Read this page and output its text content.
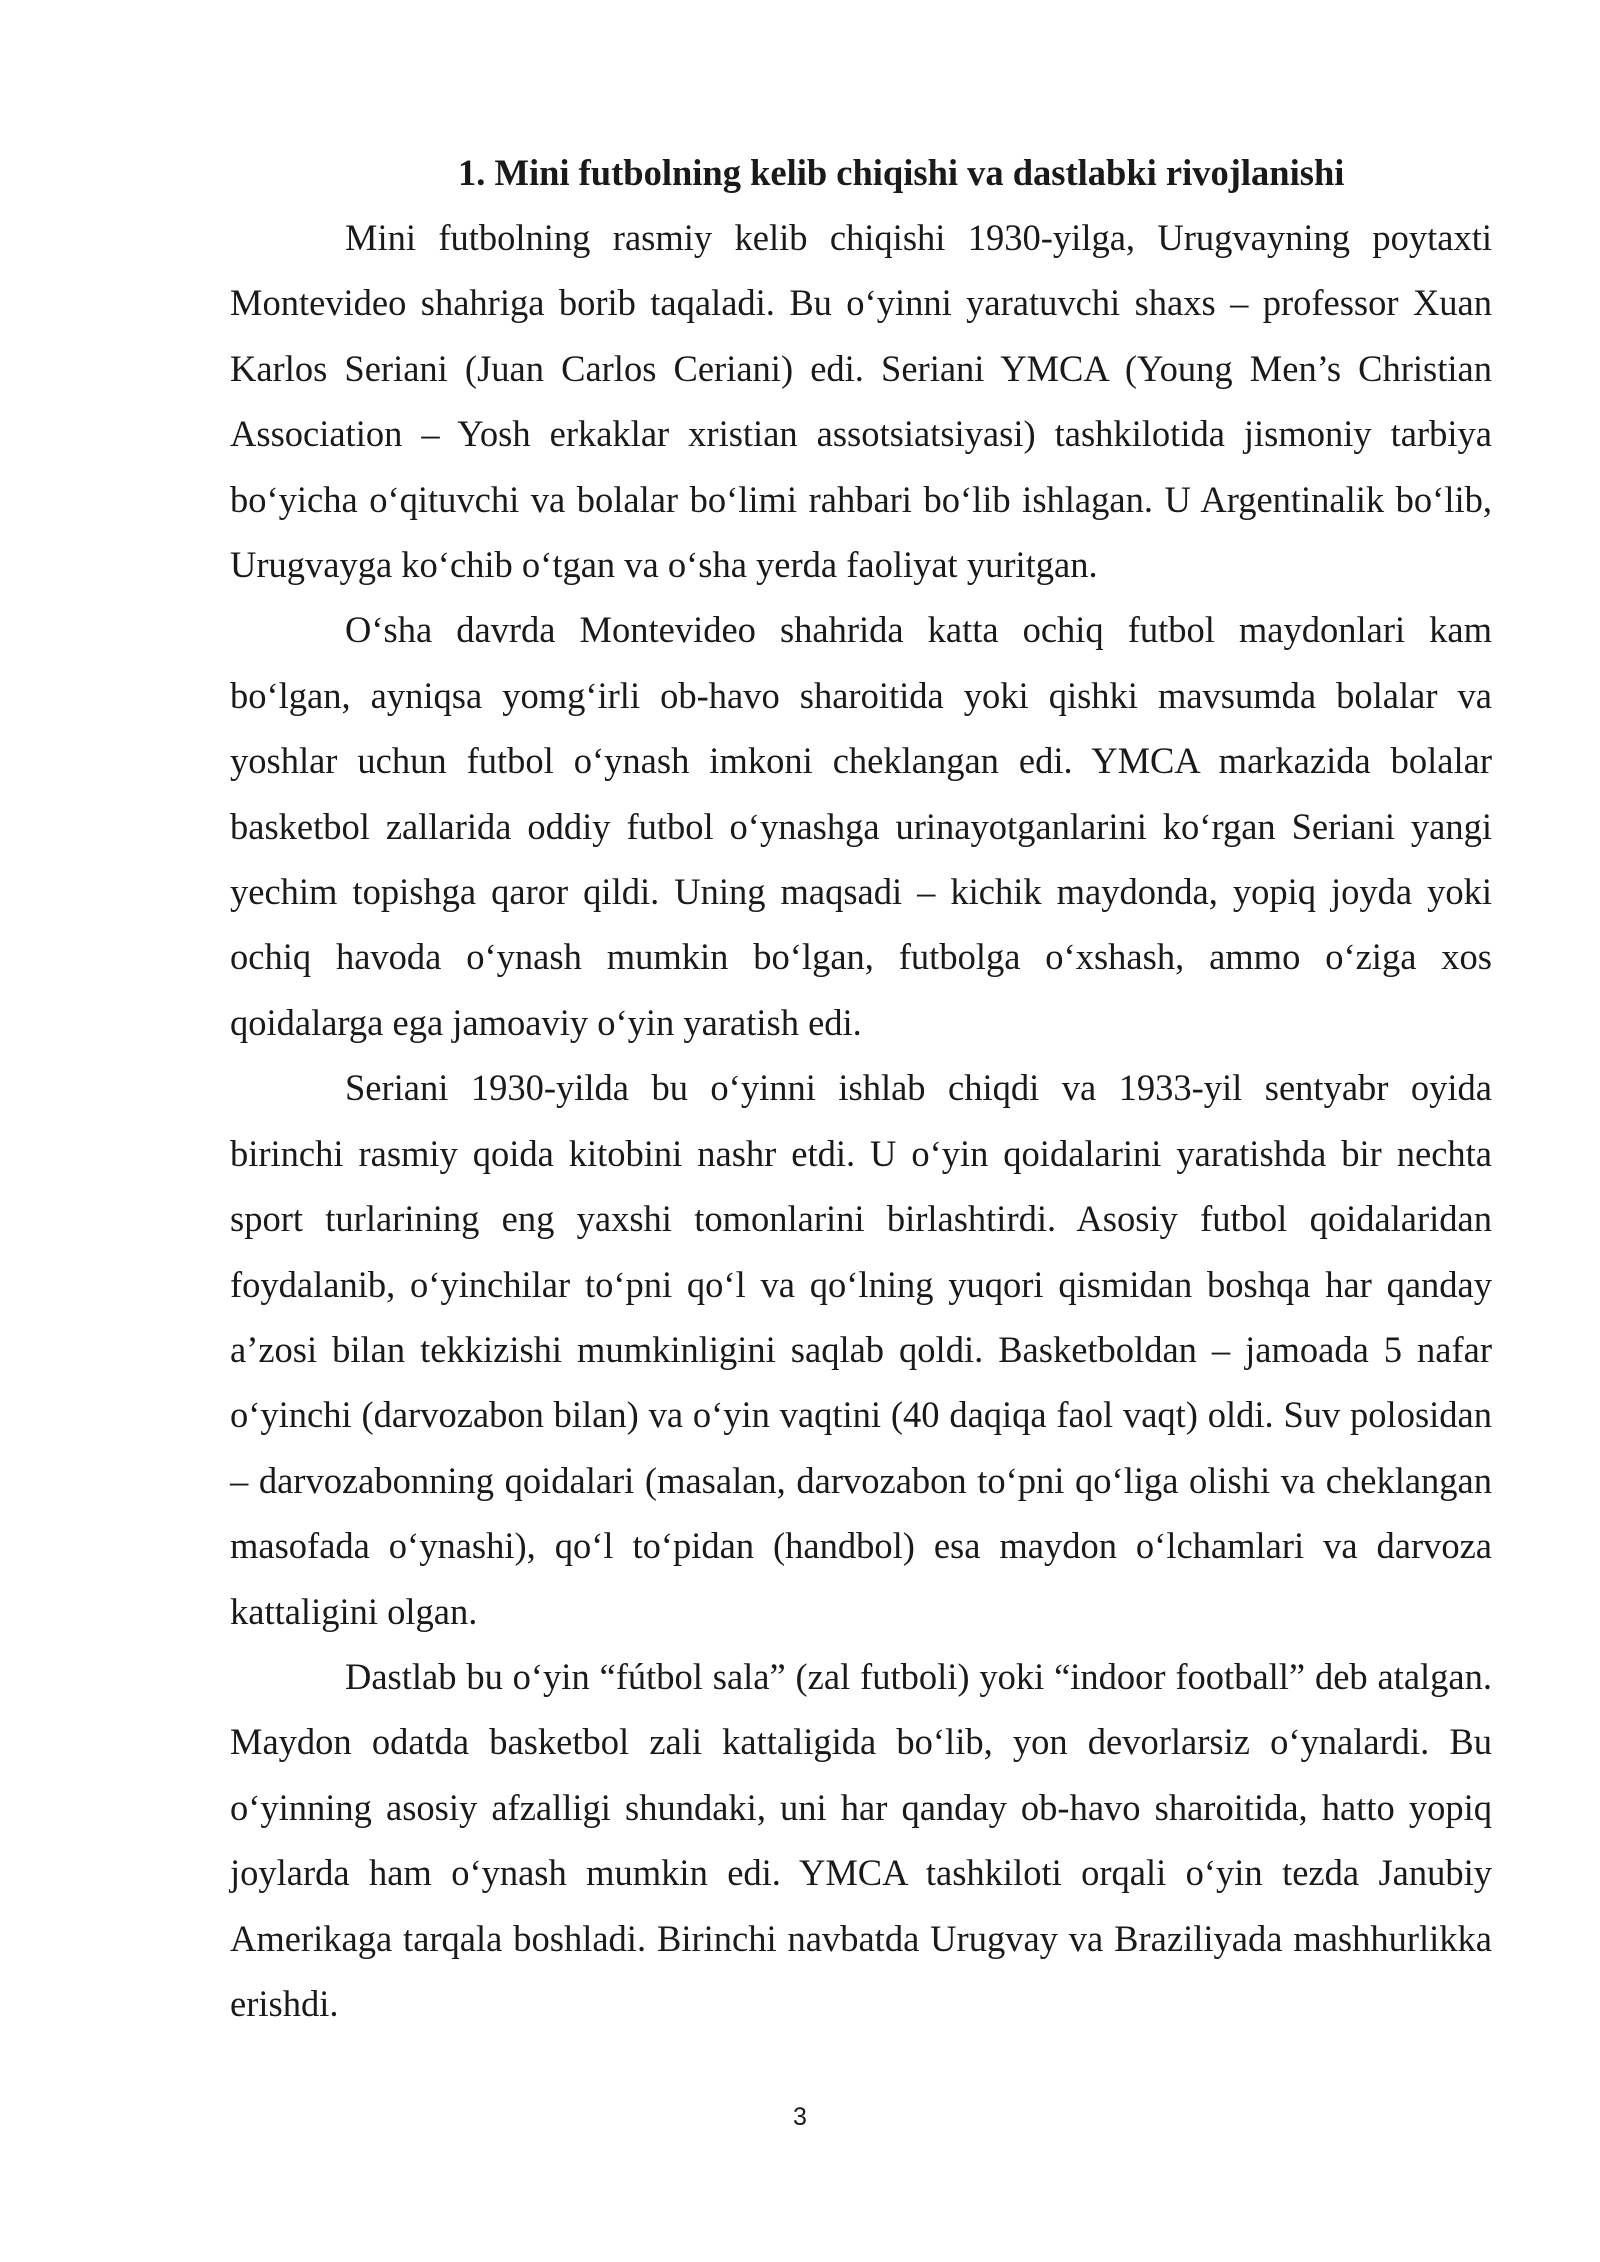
1. Mini futbolning kelib chiqishi va dastlabki rivojlanishi

Mini futbolning rasmiy kelib chiqishi 1930-yilga, Urugvayning poytaxti Montevideo shahriga borib taqaladi. Bu o‘yinni yaratuvchi shaxs – professor Xuan Karlos Seriani (Juan Carlos Ceriani) edi. Seriani YMCA (Young Men’s Christian Association – Yosh erkaklar xristian assotsiatsiyasi) tashkilotida jismoniy tarbiya bo‘yicha o‘qituvchi va bolalar bo‘limi rahbari bo‘lib ishlagan. U Argentinalik bo‘lib, Urugvayga ko‘chib o‘tgan va o‘sha yerda faoliyat yuritgan.

O‘sha davrda Montevideo shahrida katta ochiq futbol maydonlari kam bo‘lgan, ayniqsa yomg‘irli ob-havo sharoitida yoki qishki mavsumda bolalar va yoshlar uchun futbol o‘ynash imkoni cheklangan edi. YMCA markazida bolalar basketbol zallarida oddiy futbol o‘ynashga urinayotganlarini ko‘rgan Seriani yangi yechim topishga qaror qildi. Uning maqsadi – kichik maydonda, yopiq joyda yoki ochiq havoda o‘ynash mumkin bo‘lgan, futbolga o‘xshash, ammo o‘ziga xos qoidalarga ega jamoaviy o‘yin yaratish edi.

Seriani 1930-yilda bu o‘yinni ishlab chiqdi va 1933-yil sentyabr oyida birinchi rasmiy qoida kitobini nashr etdi. U o‘yin qoidalarini yaratishda bir nechta sport turlarining eng yaxshi tomonlarini birlashtirdi. Asosiy futbol qoidalaridan foydalanib, o‘yinchilar to‘pni qo‘l va qo‘lning yuqori qismidan boshqa har qanday a’zosi bilan tekkizishi mumkinligini saqlab qoldi. Basketboldan – jamoada 5 nafar o‘yinchi (darvozabon bilan) va o‘yin vaqtini (40 daqiqa faol vaqt) oldi. Suv polosidan – darvozabonning qoidalari (masalan, darvozabon to‘pni qo‘liga olishi va cheklangan masofada o‘ynashi), qo‘l to‘pidan (handbol) esa maydon o‘lchamlari va darvoza kattaligini olgan.

Dastlab bu o‘yin “fútbol sala” (zal futboli) yoki “indoor football” deb atalgan. Maydon odatda basketbol zali kattaligida bo‘lib, yon devorlarsiz o‘ynalardi. Bu o‘yinning asosiy afzalligi shundaki, uni har qanday ob-havo sharoitida, hatto yopiq joylarda ham o‘ynash mumkin edi. YMCA tashkiloti orqali o‘yin tezda Janubiy Amerikaga tarqala boshladi. Birinchi navbatda Urugvay va Braziliyada mashhurlikka erishdi.

3
